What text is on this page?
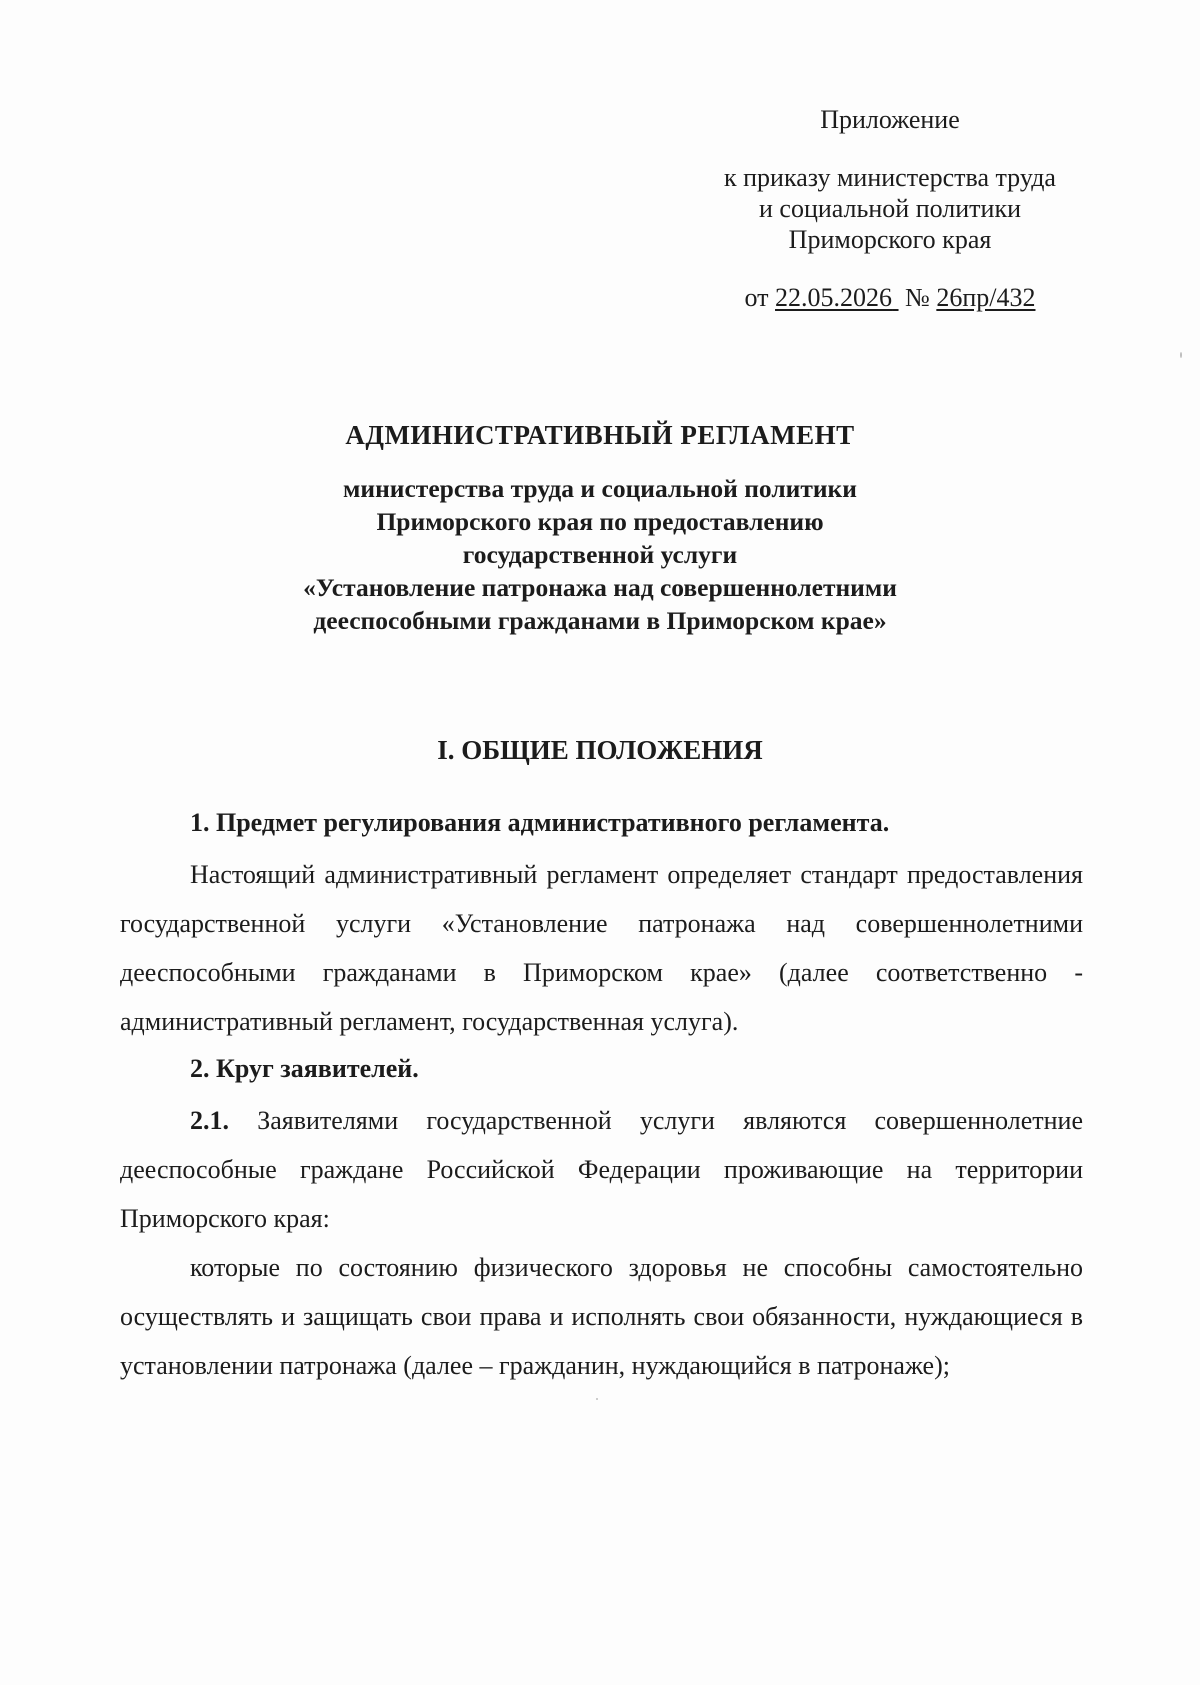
Приложение
к приказу министерства труда
и социальной политики
Приморского края
от 22.05.2026 № 26пр/432
АДМИНИСТРАТИВНЫЙ РЕГЛАМЕНТ
министерства труда и социальной политики
Приморского края по предоставлению
государственной услуги
«Установление патронажа над совершеннолетними
дееспособными гражданами в Приморском крае»
I. ОБЩИЕ ПОЛОЖЕНИЯ
1. Предмет регулирования административного регламента.

Настоящий административный регламент определяет стандарт предоставления государственной услуги «Установление патронажа над совершеннолетними дееспособными гражданами в Приморском крае» (далее соответственно - административный регламент, государственная услуга).

2. Круг заявителей.

2.1. Заявителями государственной услуги являются совершеннолетние дееспособные граждане Российской Федерации проживающие на территории Приморского края:

которые по состоянию физического здоровья не способны самостоятельно осуществлять и защищать свои права и исполнять свои обязанности, нуждающиеся в установлении патронажа (далее – гражданин, нуждающийся в патронаже);
